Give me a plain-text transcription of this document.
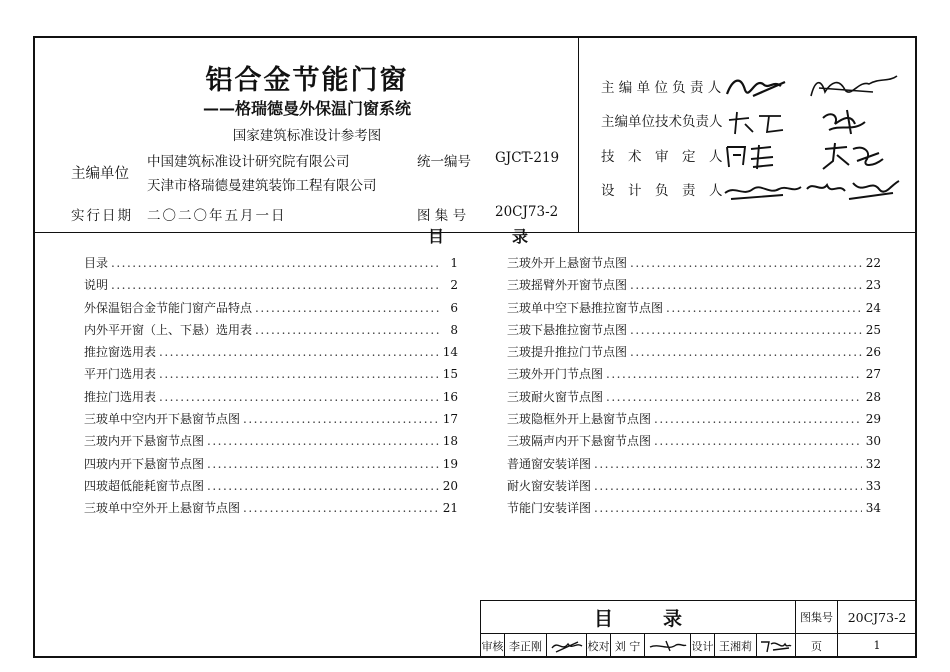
铝合金节能门窗
——格瑞德曼外保温门窗系统
国家建筑标准设计参考图
主编单位
中国建筑标准设计研究院有限公司
天津市格瑞德曼建筑装饰工程有限公司
统一编号 GJCT-219
实行日期 二〇二〇年五月一日	图 集 号 20CJ73-2
主 编 单 位 负 责 人
主编单位技术负责人
技　术　审　定　人
设　计　负　责　人
目	录
目录 .....	1
说明 .....	2
外保温铝合金节能门窗产品特点 .....	6
内外平开窗（上、下悬）选用表 .....	8
推拉窗选用表 .....	14
平开门选用表 .....	15
推拉门选用表 .....	16
三玻单中空内开下悬窗节点图 .....	17
三玻内开下悬窗节点图 .....	18
四玻内开下悬窗节点图 .....	19
四玻超低能耗窗节点图 .....	20
三玻单中空外开上悬窗节点图 .....	21
三玻外开上悬窗节点图 .....	22
三玻摇臂外开窗节点图 .....	23
三玻单中空下悬推拉窗节点图 .....	24
三玻下悬推拉窗节点图 .....	25
三玻提升推拉门节点图 .....	26
三玻外开门节点图 .....	27
三玻耐火窗节点图 .....	28
三玻隐框外开上悬窗节点图 .....	29
三玻隔声内开下悬窗节点图 .....	30
普通窗安装详图 .....	32
耐火窗安装详图 .....	33
节能门安装详图 .....	34
目	录	图集号	20CJ73-2
审核 李正刚	校对 刘 宁	设计 王湘莉	页	1
